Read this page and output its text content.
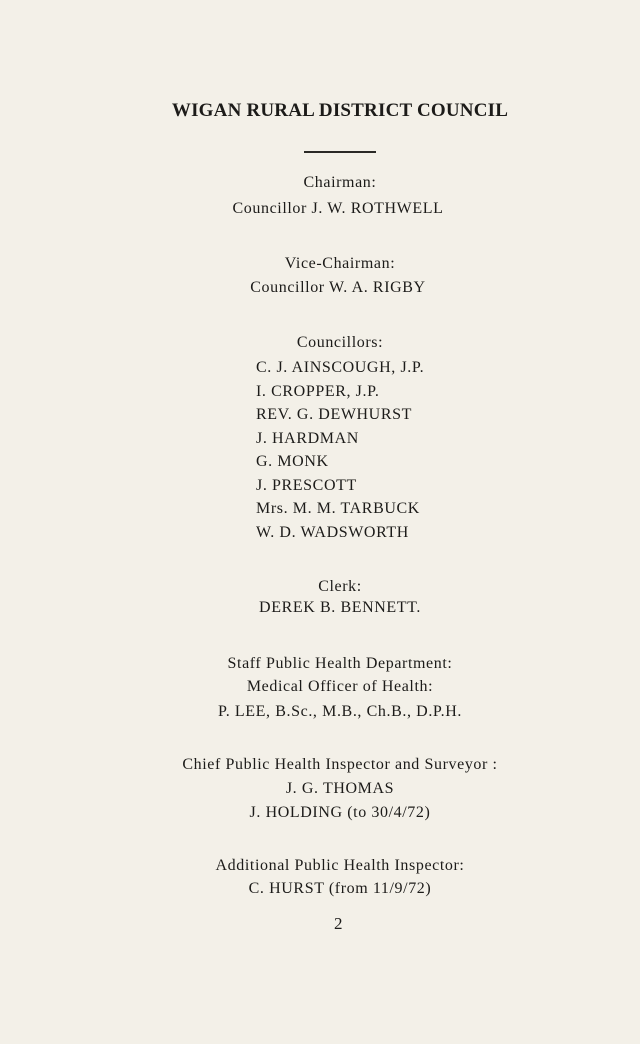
WIGAN RURAL DISTRICT COUNCIL
Chairman:
Councillor J. W. ROTHWELL
Vice-Chairman:
Councillor W. A. RIGBY
Councillors:
C. J. AINSCOUGH, J.P.
I. CROPPER, J.P.
REV. G. DEWHURST
J. HARDMAN
G. MONK
J. PRESCOTT
Mrs. M. M. TARBUCK
W. D. WADSWORTH
Clerk:
DEREK B. BENNETT.
Staff Public Health Department:
Medical Officer of Health:
P. LEE, B.Sc., M.B., Ch.B., D.P.H.
Chief Public Health Inspector and Surveyor :
J. G. THOMAS
J. HOLDING (to 30/4/72)
Additional Public Health Inspector:
C. HURST (from 11/9/72)
2
